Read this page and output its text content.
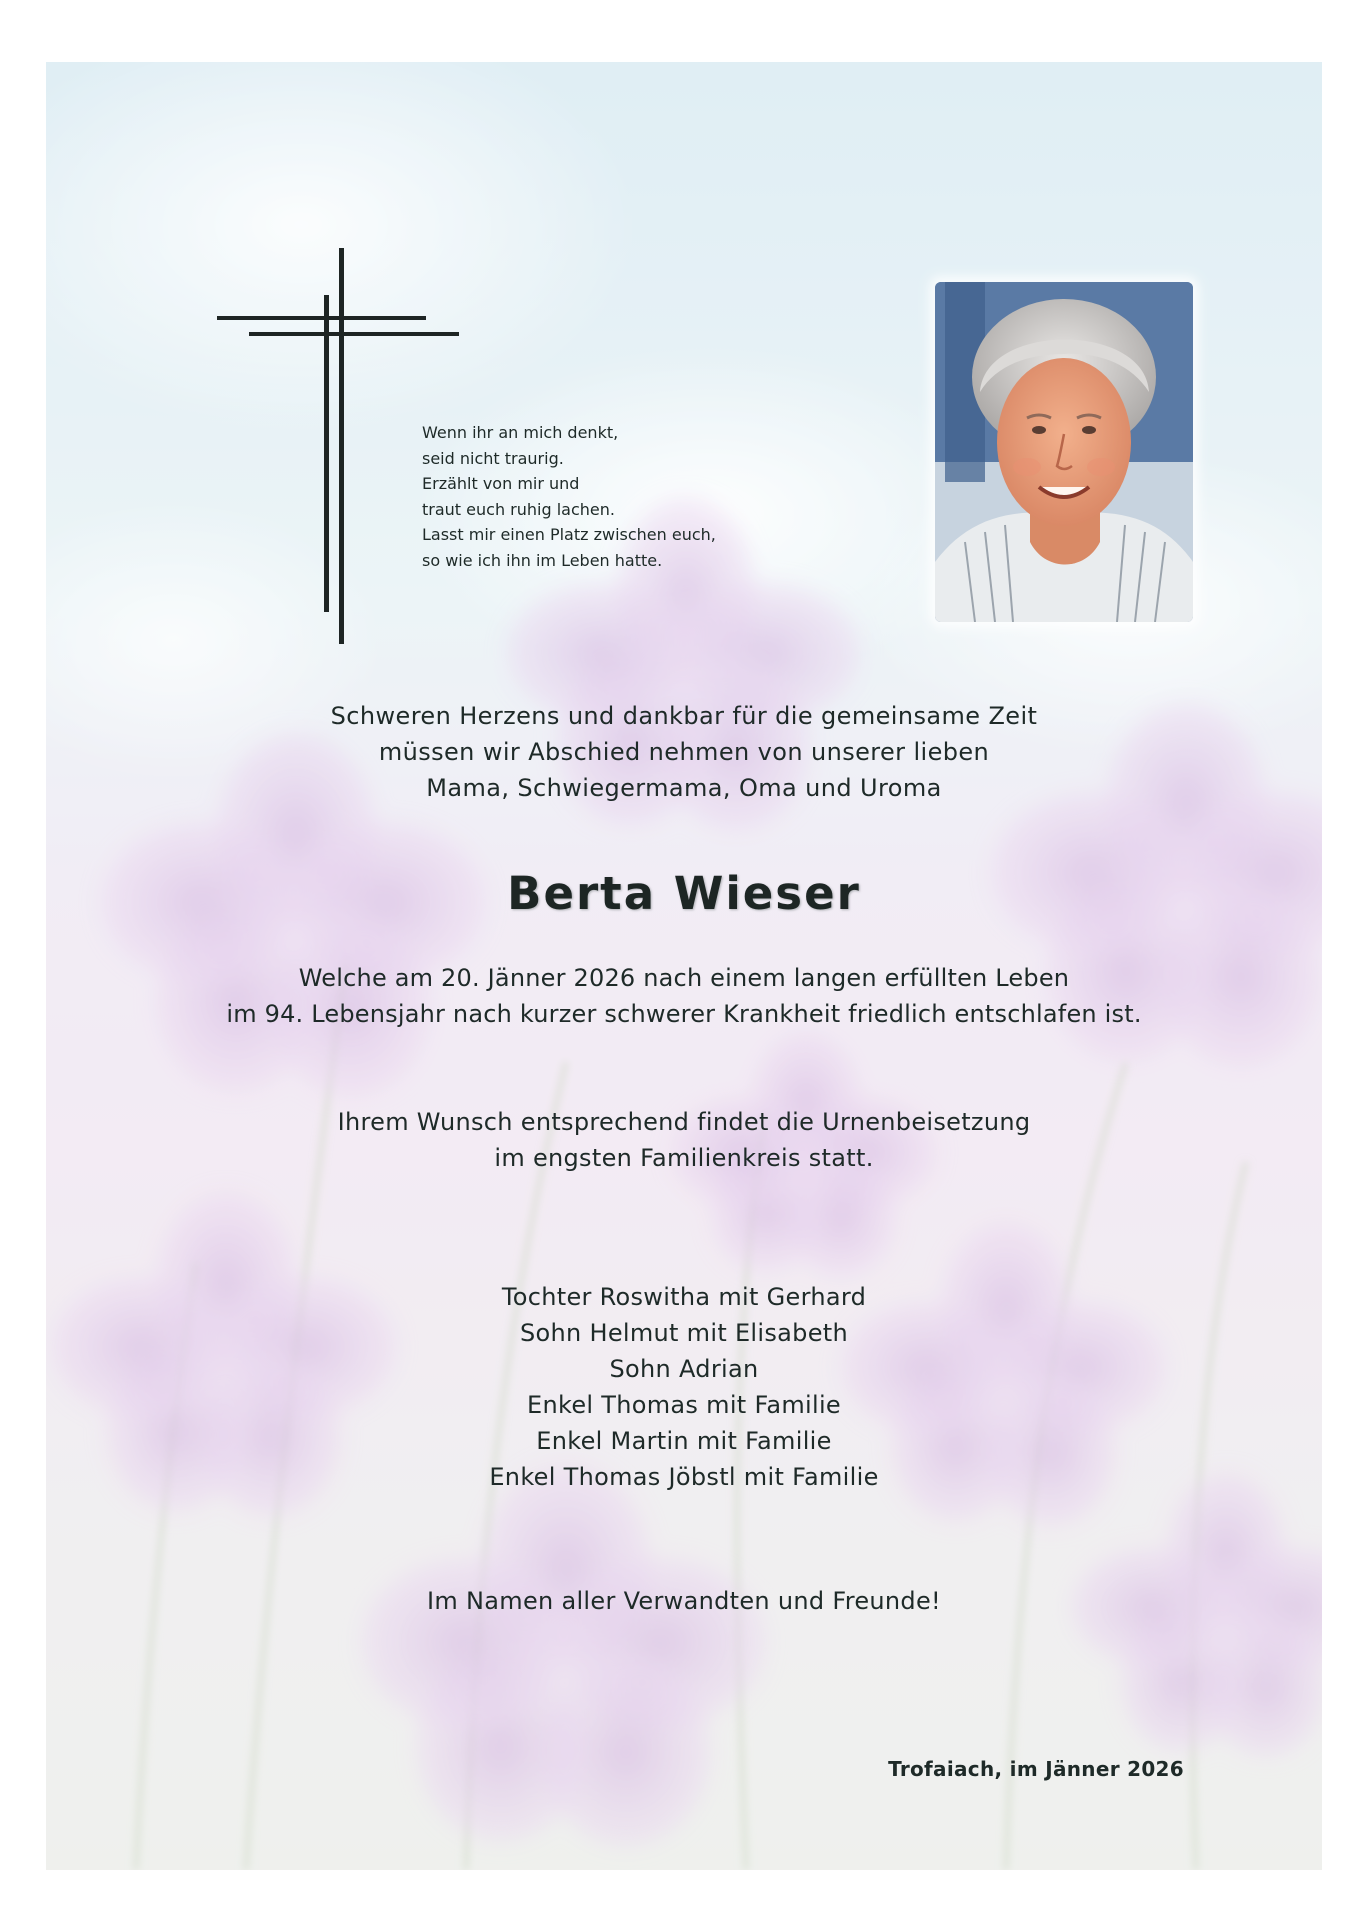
Wenn ihr an mich denkt,
seid nicht traurig.
Erzählt von mir und
traut euch ruhig lachen.
Lasst mir einen Platz zwischen euch,
so wie ich ihn im Leben hatte.
Schweren Herzens und dankbar für die gemeinsame Zeit
müssen wir Abschied nehmen von unserer lieben
Mama, Schwiegermama, Oma und Uroma
Berta Wieser
Welche am 20. Jänner 2026 nach einem langen erfüllten Leben
im 94. Lebensjahr nach kurzer schwerer Krankheit friedlich entschlafen ist.
Ihrem Wunsch entsprechend findet die Urnenbeisetzung
im engsten Familienkreis statt.
Tochter Roswitha mit Gerhard
Sohn Helmut mit Elisabeth
Sohn Adrian
Enkel Thomas mit Familie
Enkel Martin mit Familie
Enkel Thomas Jöbstl mit Familie
Im Namen aller Verwandten und Freunde!
Trofaiach, im Jänner 2026
